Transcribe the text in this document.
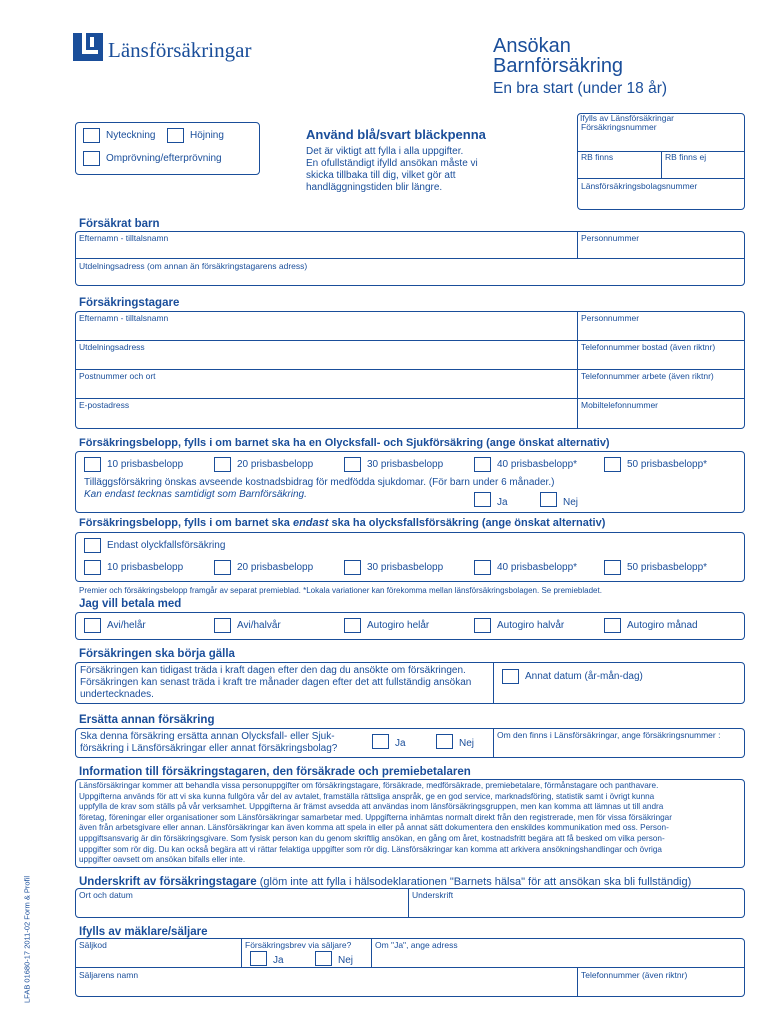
Länsförsäkringar	Ansökan
Barnförsäkring
En bra start (under 18 år)
Ifylls av Länsförsäkringar
Försäkringsnummer
RB finns	RB finns ej
Länsförsäkringsbolagsnummer
Nyteckning	Höjning
Omprövning/efterprövning
Använd blå/svart bläckpenna
Det är viktigt att fylla i alla uppgifter.
En ofullständigt ifylld ansökan måste vi
skicka tillbaka till dig, vilket gör att
handläggningstiden blir längre.
Försäkrat barn
Efternamn - tilltalsnamn	Personnummer
Utdelningsadress (om annan än försäkringstagarens adress)
Försäkringstagare
Efternamn - tilltalsnamn	Personnummer
Utdelningsadress	Telefonnummer bostad (även riktnr)
Postnummer och ort	Telefonnummer arbete (även riktnr)
E-postadress	Mobiltelefonnummer
Försäkringsbelopp, fylls i om barnet ska ha en Olycksfall- och Sjukförsäkring (ange önskat alternativ)
10 prisbasbelopp	20 prisbasbelopp	30 prisbasbelopp	40 prisbasbelopp*	50 prisbasbelopp*
Tilläggsförsäkring önskas avseende kostnadsbidrag för medfödda sjukdomar. (För barn under 6 månader.)
Kan endast tecknas samtidigt som Barnförsäkring.
Ja	Nej
Försäkringsbelopp, fylls i om barnet ska endast ska ha olycksfallsförsäkring (ange önskat alternativ)
Endast olyckfallsförsäkring
10 prisbasbelopp	20 prisbasbelopp	30 prisbasbelopp	40 prisbasbelopp*	50 prisbasbelopp*
Premier och försäkringsbelopp framgår av separat premieblad. *Lokala variationer kan förekomma mellan länsförsäkringsbolagen. Se premiebladet.
Jag vill betala med
Avi/helår	Avi/halvår	Autogiro helår	Autogiro halvår	Autogiro månad
Försäkringen ska börja gälla
Försäkringen kan tidigast träda i kraft dagen efter den dag du ansökte om försäkringen.
Försäkringen kan senast träda i kraft tre månader dagen efter det att fullständig ansökan
undertecknades.
Annat datum (år-mån-dag)
Ersätta annan försäkring
Ska denna försäkring ersätta annan Olycksfall- eller Sjuk-
försäkring i Länsförsäkringar eller annat försäkringsbolag?	Ja	Nej
Om den finns i Länsförsäkringar, ange försäkringsnummer :
Information till försäkringstagaren, den försäkrade och premiebetalaren
Länsförsäkringar kommer att behandla vissa personuppgifter om försäkringstagare, försäkrade, medförsäkrade, premiebetalare, förmånstagare och panthavare.
Uppgifterna används för att vi ska kunna fullgöra vår del av avtalet, framställa rättsliga anspråk, ge en god service, marknadsföring, statistik samt i övrigt kunna
uppfylla de krav som ställs på vår verksamhet. Uppgifterna är främst avsedda att användas inom länsförsäkringsgruppen, men kan komma att lämnas ut till andra
företag, föreningar eller organisationer som Länsförsäkringar samarbetar med. Uppgifterna inhämtas normalt direkt från den registrerade, men för vissa försäkringar
även från arbetsgivare eller annan. Länsförsäkringar kan även komma att spela in eller på annat sätt dokumentera den enskildes kommunikation med oss. Person-
uppgiftsansvarig är din försäkringsgivare. Som fysisk person kan du genom skriftlig ansökan, en gång om året, kostnadsfritt begära att få besked om vilka person-
uppgifter som rör dig. Du kan också begära att vi rättar felaktiga uppgifter som rör dig. Länsförsäkringar kan komma att arkivera ansökningshandlingar och övriga
uppgifter oavsett om ansökan bifalls eller inte.
Underskrift av försäkringstagare (glöm inte att fylla i hälsodeklarationen "Barnets hälsa" för att ansökan ska bli fullständig)
Ort och datum	Underskrift
Ifylls av mäklare/säljare
Säljkod	Försäkringsbrev via säljare?	Om "Ja", ange adress
Ja	Nej
Säljarens namn	Telefonnummer (även riktnr)
LFAB 01680-17 2011-02 Form & Profil
